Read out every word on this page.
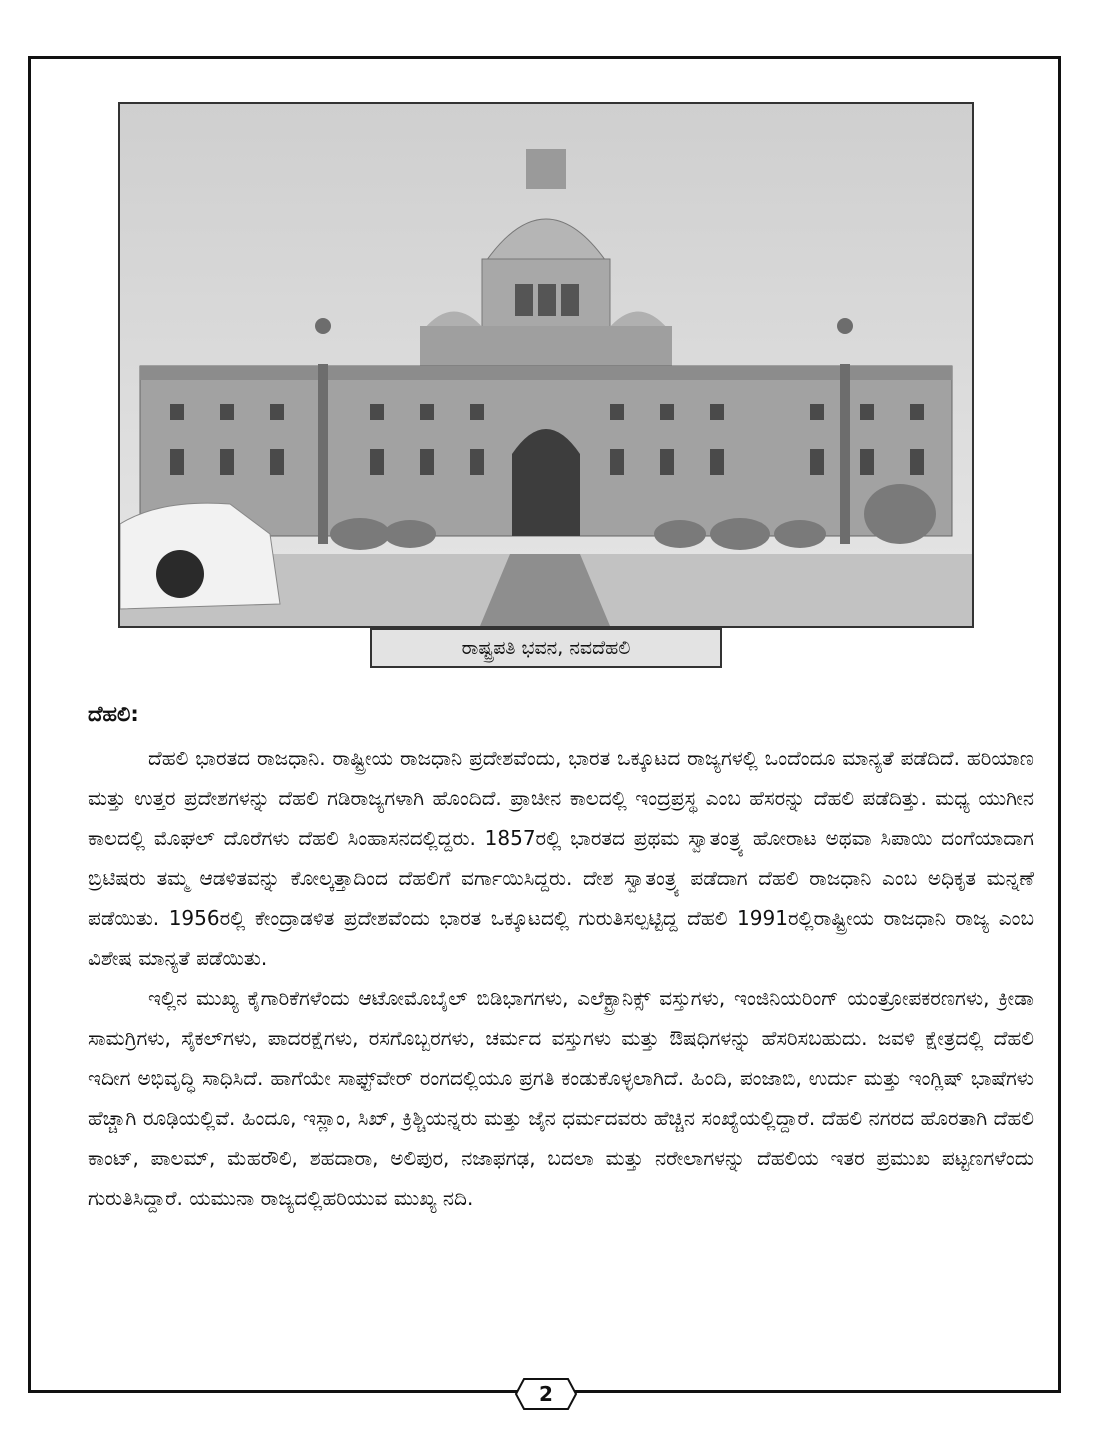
ರಾಷ್ಟ್ರಪತಿ ಭವನ, ನವದೆಹಲಿ
ದೆಹಲಿ:

ದೆಹಲಿ ಭಾರತದ ರಾಜಧಾನಿ. ರಾಷ್ಟ್ರೀಯ ರಾಜಧಾನಿ ಪ್ರದೇಶವೆಂದು, ಭಾರತ ಒಕ್ಕೂಟದ ರಾಜ್ಯಗಳಲ್ಲಿ ಒಂದೆಂದೂ ಮಾನ್ಯತೆ ಪಡೆದಿದೆ. ಹರಿಯಾಣ ಮತ್ತು ಉತ್ತರ ಪ್ರದೇಶಗಳನ್ನು ದೆಹಲಿ ಗಡಿರಾಜ್ಯಗಳಾಗಿ ಹೊಂದಿದೆ. ಪ್ರಾಚೀನ ಕಾಲದಲ್ಲಿ ಇಂದ್ರಪ್ರಸ್ಥ ಎಂಬ ಹೆಸರನ್ನು ದೆಹಲಿ ಪಡೆದಿತ್ತು. ಮಧ್ಯ ಯುಗೀನ ಕಾಲದಲ್ಲಿ ಮೊಘಲ್ ದೊರೆಗಳು ದೆಹಲಿ ಸಿಂಹಾಸನದಲ್ಲಿದ್ದರು. 1857ರಲ್ಲಿ ಭಾರತದ ಪ್ರಥಮ ಸ್ವಾತಂತ್ರ್ಯ ಹೋರಾಟ ಅಥವಾ ಸಿಪಾಯಿ ದಂಗೆಯಾದಾಗ ಬ್ರಿಟಿಷರು ತಮ್ಮ ಆಡಳಿತವನ್ನು ಕೋಲ್ಕತ್ತಾದಿಂದ ದೆಹಲಿಗೆ ವರ್ಗಾಯಿಸಿದ್ದರು. ದೇಶ ಸ್ವಾತಂತ್ರ್ಯ ಪಡೆದಾಗ ದೆಹಲಿ ರಾಜಧಾನಿ ಎಂಬ ಅಧಿಕೃತ ಮನ್ನಣೆ ಪಡೆಯಿತು. 1956ರಲ್ಲಿ ಕೇಂದ್ರಾಡಳಿತ ಪ್ರದೇಶವೆಂದು ಭಾರತ ಒಕ್ಕೂಟದಲ್ಲಿ ಗುರುತಿಸಲ್ಪಟ್ಟಿದ್ದ ದೆಹಲಿ 1991ರಲ್ಲಿರಾಷ್ಟ್ರೀಯ ರಾಜಧಾನಿ ರಾಜ್ಯ ಎಂಬ ವಿಶೇಷ ಮಾನ್ಯತೆ ಪಡೆಯಿತು.

ಇಲ್ಲಿನ ಮುಖ್ಯ ಕೈಗಾರಿಕೆಗಳೆಂದು ಆಟೋಮೊಬೈಲ್ ಬಿಡಿಭಾಗಗಳು, ಎಲೆಕ್ಟ್ರಾನಿಕ್ಸ್ ವಸ್ತುಗಳು, ಇಂಜಿನಿಯರಿಂಗ್ ಯಂತ್ರೋಪಕರಣಗಳು, ಕ್ರೀಡಾ ಸಾಮಗ್ರಿಗಳು, ಸೈಕಲ್‌ಗಳು, ಪಾದರಕ್ಷೆಗಳು, ರಸಗೊಬ್ಬರಗಳು, ಚರ್ಮದ ವಸ್ತುಗಳು ಮತ್ತು ಔಷಧಿಗಳನ್ನು ಹೆಸರಿಸಬಹುದು. ಜವಳಿ ಕ್ಷೇತ್ರದಲ್ಲಿ ದೆಹಲಿ ಇದೀಗ ಅಭಿವೃದ್ಧಿ ಸಾಧಿಸಿದೆ. ಹಾಗೆಯೇ ಸಾಫ್ಟ್‌ವೇರ್ ರಂಗದಲ್ಲಿಯೂ ಪ್ರಗತಿ ಕಂಡುಕೊಳ್ಳಲಾಗಿದೆ. ಹಿಂದಿ, ಪಂಜಾಬಿ, ಉರ್ದು ಮತ್ತು ಇಂಗ್ಲಿಷ್ ಭಾಷೆಗಳು ಹೆಚ್ಚಾಗಿ ರೂಢಿಯಲ್ಲಿವೆ. ಹಿಂದೂ, ಇಸ್ಲಾಂ, ಸಿಖ್, ಕ್ರಿಶ್ಚಿಯನ್ನರು ಮತ್ತು ಜೈನ ಧರ್ಮದವರು ಹೆಚ್ಚಿನ ಸಂಖ್ಯೆಯಲ್ಲಿದ್ದಾರೆ. ದೆಹಲಿ ನಗರದ ಹೊರತಾಗಿ ದೆಹಲಿ ಕಾಂಟ್, ಪಾಲಮ್, ಮೆಹರೌಲಿ, ಶಹದಾರಾ, ಅಲಿಪುರ, ನಜಾಫಗಢ, ಬದಲಾ ಮತ್ತು ನರೇಲಾಗಳನ್ನು ದೆಹಲಿಯ ಇತರ ಪ್ರಮುಖ ಪಟ್ಟಣಗಳೆಂದು ಗುರುತಿಸಿದ್ದಾರೆ. ಯಮುನಾ ರಾಜ್ಯದಲ್ಲಿಹರಿಯುವ ಮುಖ್ಯ ನದಿ.

2
